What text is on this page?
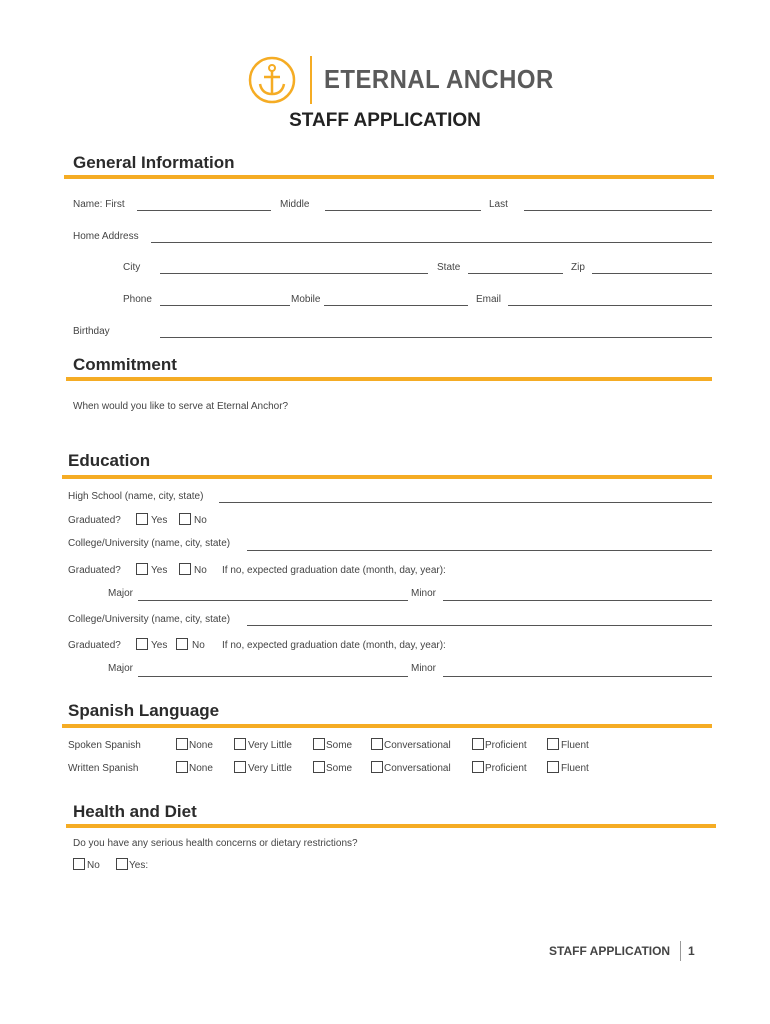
ETERNAL ANCHOR
STAFF APPLICATION
General Information
Name: First	Middle	Last
Home Address
City	State	Zip
Phone	Mobile	Email
Birthday
Commitment
When would you like to serve at Eternal Anchor?
Education
High School (name, city, state)
Graduated?	Yes	No
College/University (name, city, state)
Graduated?	Yes	No If no, expected graduation date (month, day, year):
Major	Minor
College/University (name, city, state)
Graduated?	Yes No If no, expected graduation date (month, day, year):
Major	Minor
Spanish Language
Spoken Spanish	None	Very Little	Some	Conversational	Proficient	Fluent
Written Spanish	None	Very Little	Some	Conversational	Proficient	Fluent
Health and Diet
Do you have any serious health concerns or dietary restrictions?
No	Yes:
STAFF APPLICATION 1
